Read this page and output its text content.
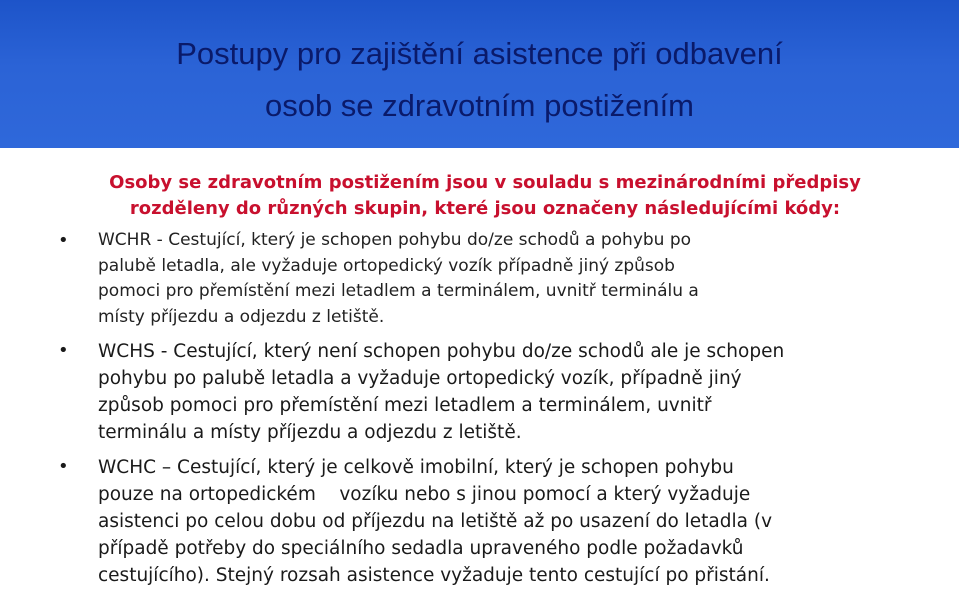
Postupy pro zajištění asistence při odbavení
osob se zdravotním postižením
Osoby se zdravotním postižením jsou v souladu s mezinárodními předpisy
rozděleny do různých skupin, které jsou označeny následujícími kódy:
• WCHR - Cestující, který je schopen pohybu do/ze schodů a pohybu po
palubě letadla, ale vyžaduje ortopedický vozík případně jiný způsob
pomoci pro přemístění mezi letadlem a terminálem, uvnitř terminálu a
místy příjezdu a odjezdu z letiště.
• WCHS - Cestující, který není schopen pohybu do/ze schodů ale je schopen
pohybu po palubě letadla a vyžaduje ortopedický vozík, případně jiný
způsob pomoci pro přemístění mezi letadlem a terminálem, uvnitř
terminálu a místy příjezdu a odjezdu z letiště.
• WCHC – Cestující, který je celkově imobilní, který je schopen pohybu
pouze na ortopedickém    vozíku nebo s jinou pomocí a který vyžaduje
asistenci po celou dobu od příjezdu na letiště až po usazení do letadla (v
případě potřeby do speciálního sedadla upraveného podle požadavků
cestujícího). Stejný rozsah asistence vyžaduje tento cestující po přistání.
